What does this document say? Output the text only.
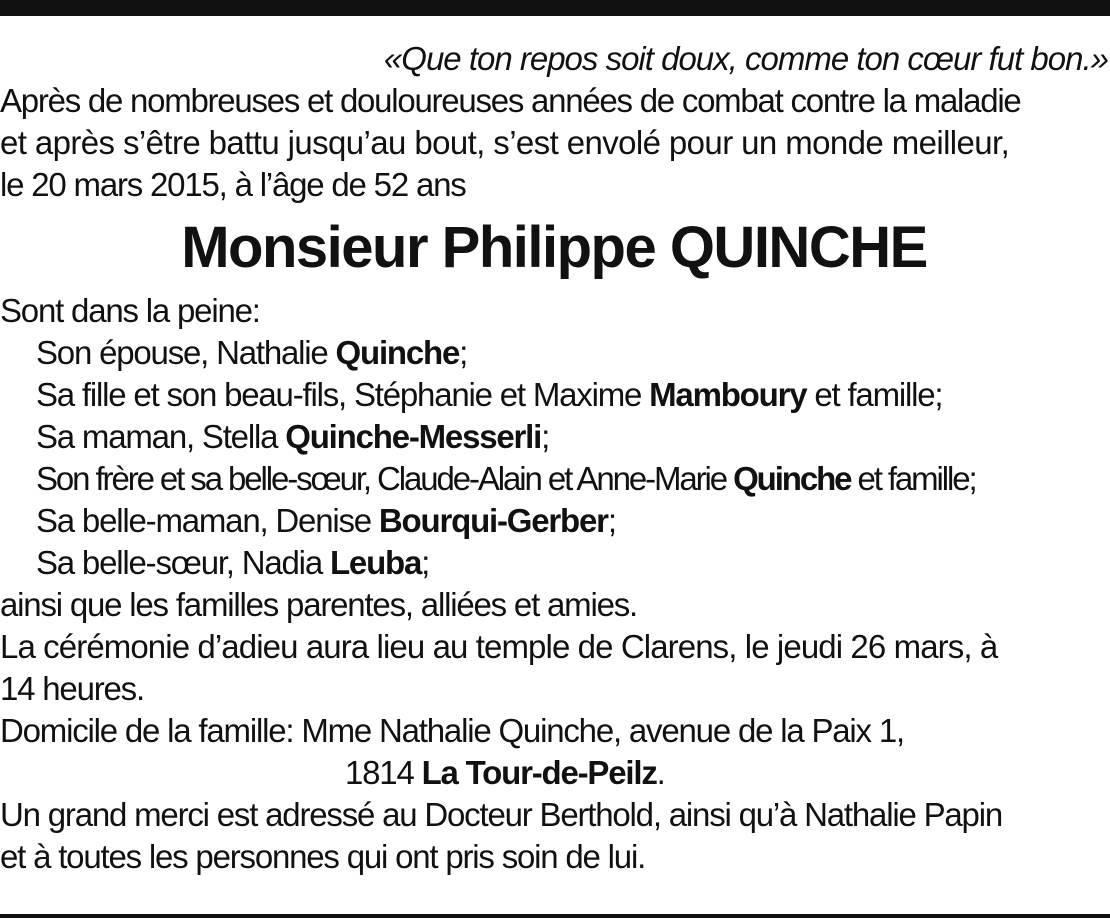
«Que ton repos soit doux, comme ton cœur fut bon.»
Après de nombreuses et douloureuses années de combat contre la maladie
et après s’être battu jusqu’au bout, s’est envolé pour un monde meilleur,
le 20 mars 2015, à l’âge de 52 ans
Monsieur Philippe QUINCHE
Sont dans la peine:
Son épouse, Nathalie Quinche;
Sa fille et son beau-fils, Stéphanie et Maxime Mamboury et famille;
Sa maman, Stella Quinche-Messerli;
Son frère et sa belle-sœur, Claude-Alain et Anne-Marie Quinche et famille;
Sa belle-maman, Denise Bourqui-Gerber;
Sa belle-sœur, Nadia Leuba;
ainsi que les familles parentes, alliées et amies.
La cérémonie d’adieu aura lieu au temple de Clarens, le jeudi 26 mars, à
14 heures.
Domicile de la famille: Mme Nathalie Quinche, avenue de la Paix 1,
1814 La Tour-de-Peilz.
Un grand merci est adressé au Docteur Berthold, ainsi qu’à Nathalie Papin
et à toutes les personnes qui ont pris soin de lui.
